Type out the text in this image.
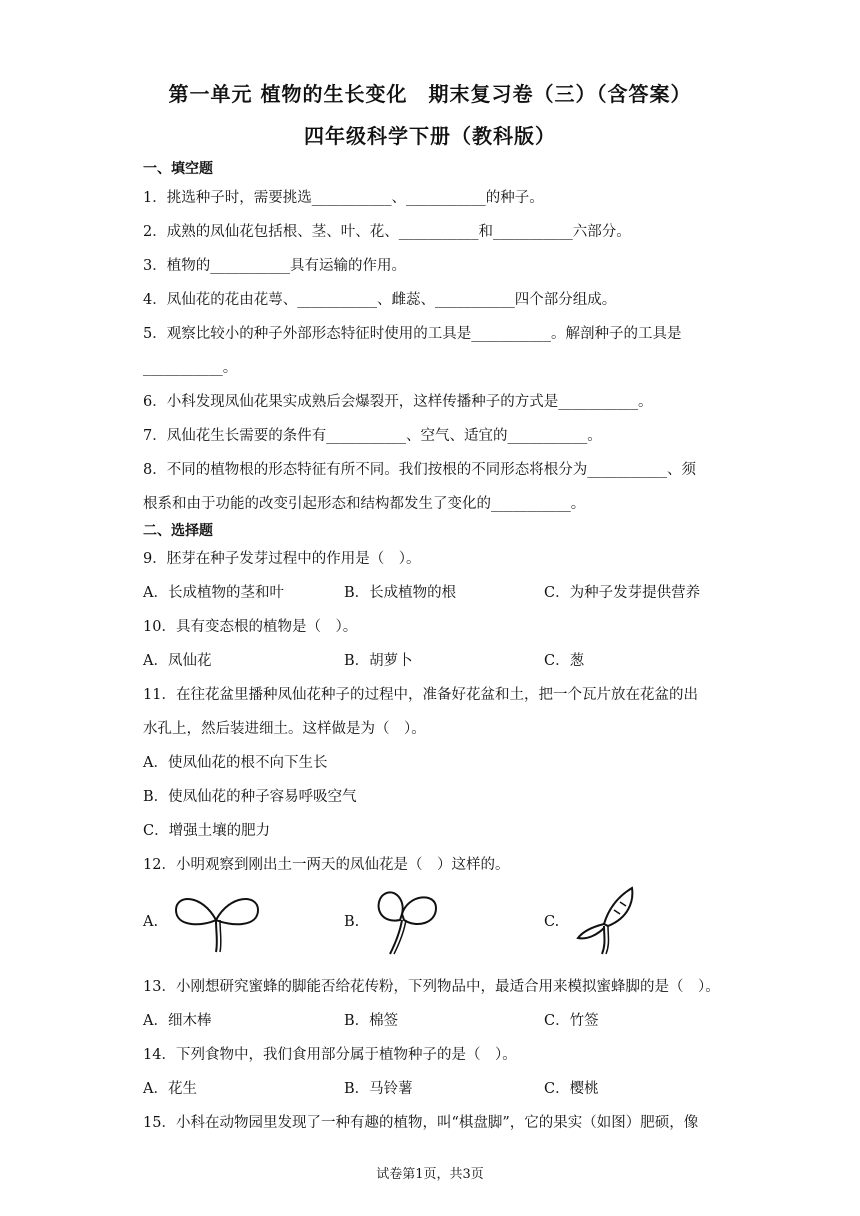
第一单元 植物的生长变化　期末复习卷（三）（含答案）
四年级科学下册（教科版）
一、填空题
1．挑选种子时，需要挑选___________、___________的种子。
2．成熟的凤仙花包括根、茎、叶、花、___________和___________六部分。
3．植物的___________具有运输的作用。
4．凤仙花的花由花萼、___________、雌蕊、___________四个部分组成。
5．观察比较小的种子外部形态特征时使用的工具是___________。解剖种子的工具是
___________。
6．小科发现凤仙花果实成熟后会爆裂开，这样传播种子的方式是___________。
7．凤仙花生长需要的条件有___________、空气、适宜的___________。
8．不同的植物根的形态特征有所不同。我们按根的不同形态将根分为___________、须
根系和由于功能的改变引起形态和结构都发生了变化的___________。
二、选择题
9．胚芽在种子发芽过程中的作用是（　）。
A．长成植物的茎和叶	B．长成植物的根	C．为种子发芽提供营养
10．具有变态根的植物是（　）。
A．凤仙花	B．胡萝卜	C．葱
11．在往花盆里播种凤仙花种子的过程中，准备好花盆和土，把一个瓦片放在花盆的出
水孔上，然后装进细土。这样做是为（　）。
A．使凤仙花的根不向下生长
B．使凤仙花的种子容易呼吸空气
C．增强土壤的肥力
12．小明观察到刚出土一两天的凤仙花是（　）这样的。
A.	B.	C.
13．小刚想研究蜜蜂的脚能否给花传粉，下列物品中，最适合用来模拟蜜蜂脚的是（　）。
A．细木棒	B．棉签	C．竹签
14．下列食物中，我们食用部分属于植物种子的是（　）。
A．花生	B．马铃薯	C．樱桃
15．小科在动物园里发现了一种有趣的植物，叫“棋盘脚”，它的果实（如图）肥硕，像
试卷第1页，共3页
